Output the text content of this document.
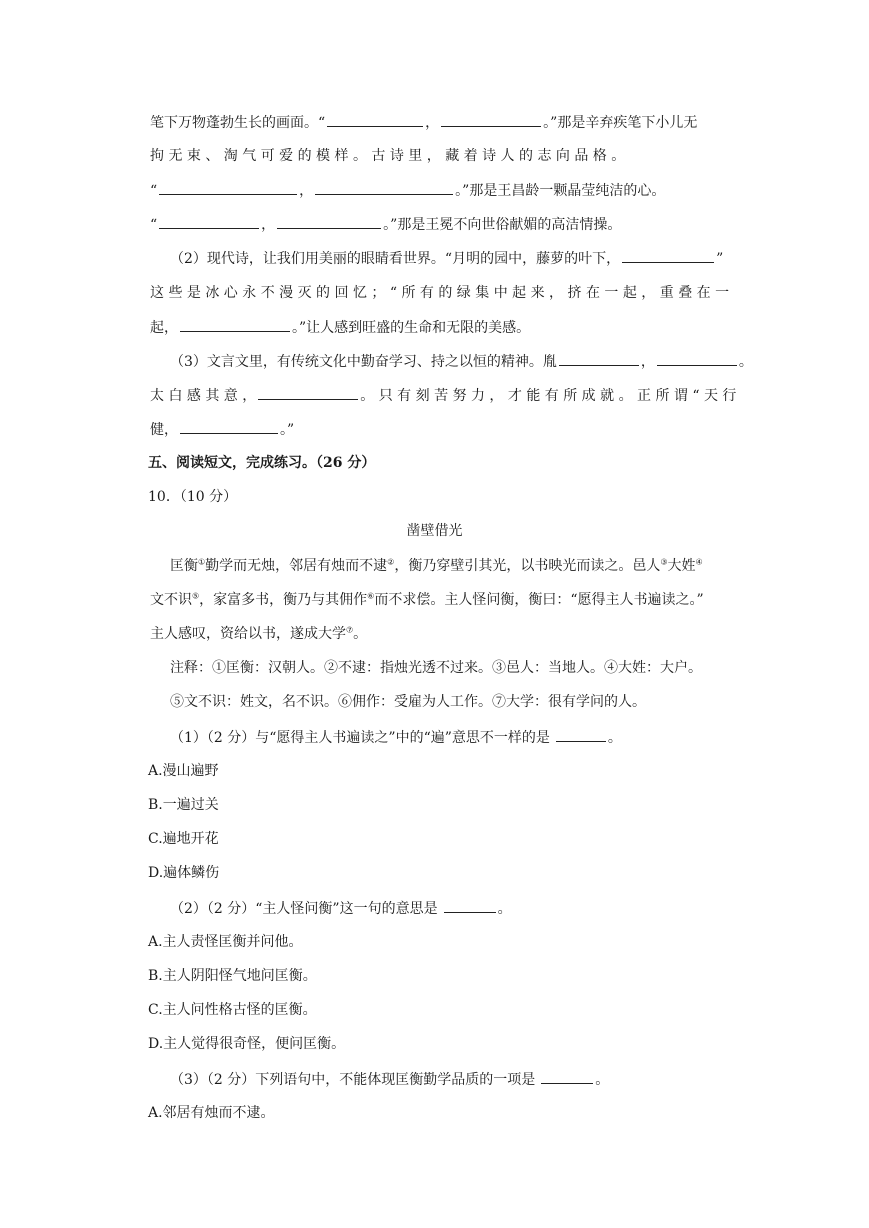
笔下万物蓬勃生长的画面。“	，	。”那是辛弃疾笔下小儿无
拘 无 束 、 淘 气 可 爱 的 模 样 。 古 诗 里 ， 藏 着 诗 人 的 志 向 品 格 。
“	，	。”那是王昌龄一颗晶莹纯洁的心。
“	，	。”那是王冕不向世俗献媚的高洁情操。
（2）现代诗，让我们用美丽的眼睛看世界。“月明的园中，藤萝的叶下，	”
这 些 是 冰 心 永 不 漫 灭 的 回 忆 ； “ 所 有 的 绿 集 中 起 来 ， 挤 在 一 起 ， 重 叠 在 一
起，	。”让人感到旺盛的生命和无限的美感。
（3）文言文里，有传统文化中勤奋学习、持之以恒的精神。胤	，	。
太 白 感 其 意 ，	。 只 有 刻 苦 努 力 ， 才 能 有 所 成 就 。 正 所 谓 “ 天 行
健，	。”
五、阅读短文，完成练习。（26 分）
10．（10 分）
凿壁借光
匡衡①勤学而无烛，邻居有烛而不逮②，衡乃穿壁引其光，以书映光而读之。邑人③大姓④
文不识⑤，家富多书，衡乃与其佣作⑥而不求偿。主人怪问衡，衡曰：“愿得主人书遍读之。”
主人感叹，资给以书，遂成大学⑦。
注释：①匡衡：汉朝人。②不逮：指烛光透不过来。③邑人：当地人。④大姓：大户。
⑤文不识：姓文，名不识。⑥佣作：受雇为人工作。⑦大学：很有学问的人。
（1）（2 分）与“愿得主人书遍读之”中的“遍”意思不一样的是	。
A.漫山遍野
B.一遍过关
C.遍地开花
D.遍体鳞伤
（2）（2 分）“主人怪问衡”这一句的意思是	。
A.主人责怪匡衡并问他。
B.主人阴阳怪气地问匡衡。
C.主人问性格古怪的匡衡。
D.主人觉得很奇怪，便问匡衡。
（3）（2 分）下列语句中，不能体现匡衡勤学品质的一项是	。
A.邻居有烛而不逮。
